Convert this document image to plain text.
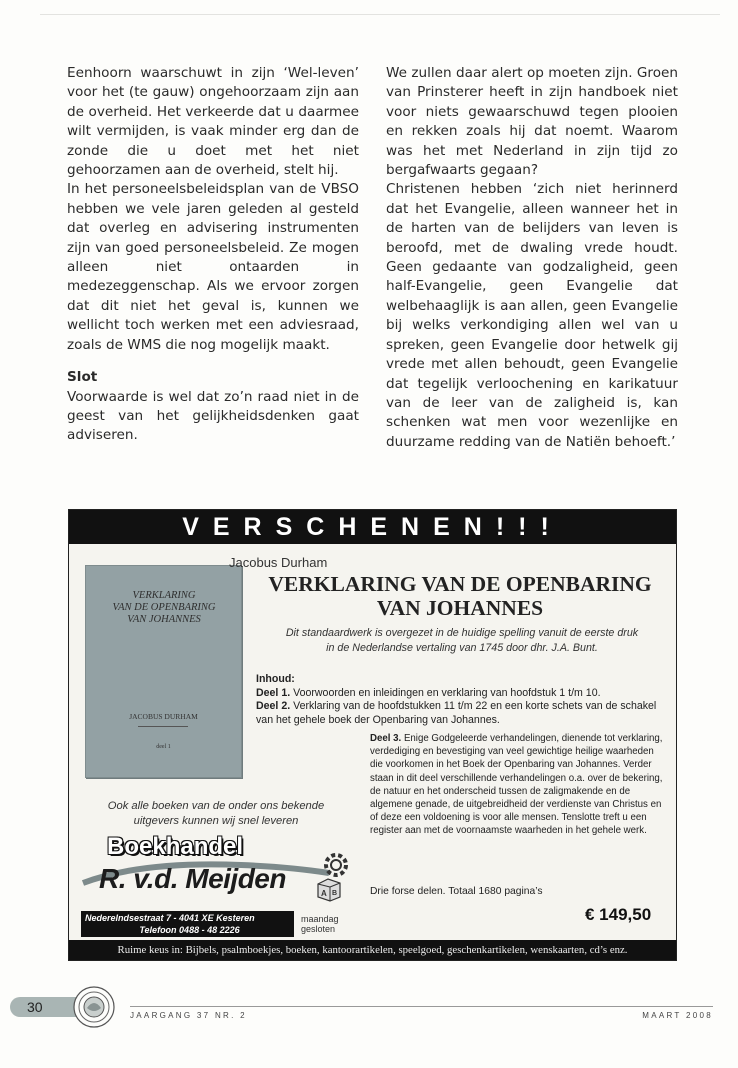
Eenhoorn waarschuwt in zijn ‘Wel-leven’ voor het (te gauw) ongehoorzaam zijn aan de overheid. Het verkeerde dat u daarmee wilt vermijden, is vaak minder erg dan de zonde die u doet met het niet gehoorzamen aan de overheid, stelt hij.

In het personeelsbeleidsplan van de VBSO hebben we vele jaren geleden al gesteld dat overleg en advisering instrumenten zijn van goed personeelsbeleid. Ze mogen alleen niet ontaarden in medezeggenschap. Als we ervoor zorgen dat dit niet het geval is, kunnen we wellicht toch werken met een adviesraad, zoals de WMS die nog mogelijk maakt.

Slot

Voorwaarde is wel dat zo’n raad niet in de geest van het gelijkheidsdenken gaat adviseren.

We zullen daar alert op moeten zijn. Groen van Prinsterer heeft in zijn handboek niet voor niets gewaarschuwd tegen plooien en rekken zoals hij dat noemt. Waarom was het met Nederland in zijn tijd zo bergafwaarts gegaan?

Christenen hebben ‘zich niet herinnerd dat het Evangelie, alleen wanneer het in de harten van de belijders van leven is beroofd, met de dwaling vrede houdt. Geen gedaante van godzaligheid, geen half-Evangelie, geen Evangelie dat welbehaaglijk is aan allen, geen Evangelie bij welks verkondiging allen wel van u spreken, geen Evangelie door hetwelk gij vrede met allen behoudt, geen Evangelie dat tegelijk verloochening en karikatuur van de leer van de zaligheid is, kan schenken wat men voor wezenlijke en duurzame redding van de Natiën behoeft.’

VERSCHENEN!!!
VERKLARING
VAN DE OPENBARING
VAN JOHANNES
JACOBUS DURHAM
deel 1
Jacobus Durham
VERKLARING VAN DE OPENBARING
VAN JOHANNES
Dit standaardwerk is overgezet in de huidige spelling vanuit de eerste druk
in de Nederlandse vertaling van 1745 door dhr. J.A. Bunt.
Inhoud:
Deel 1. Voorwoorden en inleidingen en verklaring van hoofdstuk 1 t/m 10.
Deel 2. Verklaring van de hoofdstukken 11 t/m 22 en een korte schets van de schakel van het gehele boek der Openbaring van Johannes.
Deel 3. Enige Godgeleerde verhandelingen, dienende tot verklaring, verdediging en bevestiging van veel gewichtige heilige waarheden die voorkomen in het Boek der Openbaring van Johannes. Verder staan in dit deel verschillende verhandelingen o.a. over de bekering, de natuur en het onderscheid tussen de zaligmakende en de algemene genade, de uitgebreidheid der verdienste van Christus en of deze een voldoening is voor alle mensen. Tenslotte treft u een register aan met de voornaamste waarheden in het gehele werk.
Drie forse delen. Totaal 1680 pagina’s
€ 149,50
Ook alle boeken van de onder ons bekende
uitgevers kunnen wij snel leveren
Boekhandel
R. v.d. Meijden	A B
Nederelndsestraat 7 - 4041 XE Kesteren
Telefoon 0488 - 48 2226
maandag
gesloten
Ruime keus in: Bijbels, psalmboekjes, boeken, kantoorartikelen, speelgoed, geschenkartikelen, wenskaarten, cd’s enz.
30
JAARGANG 37 NR. 2	MAART 2008
